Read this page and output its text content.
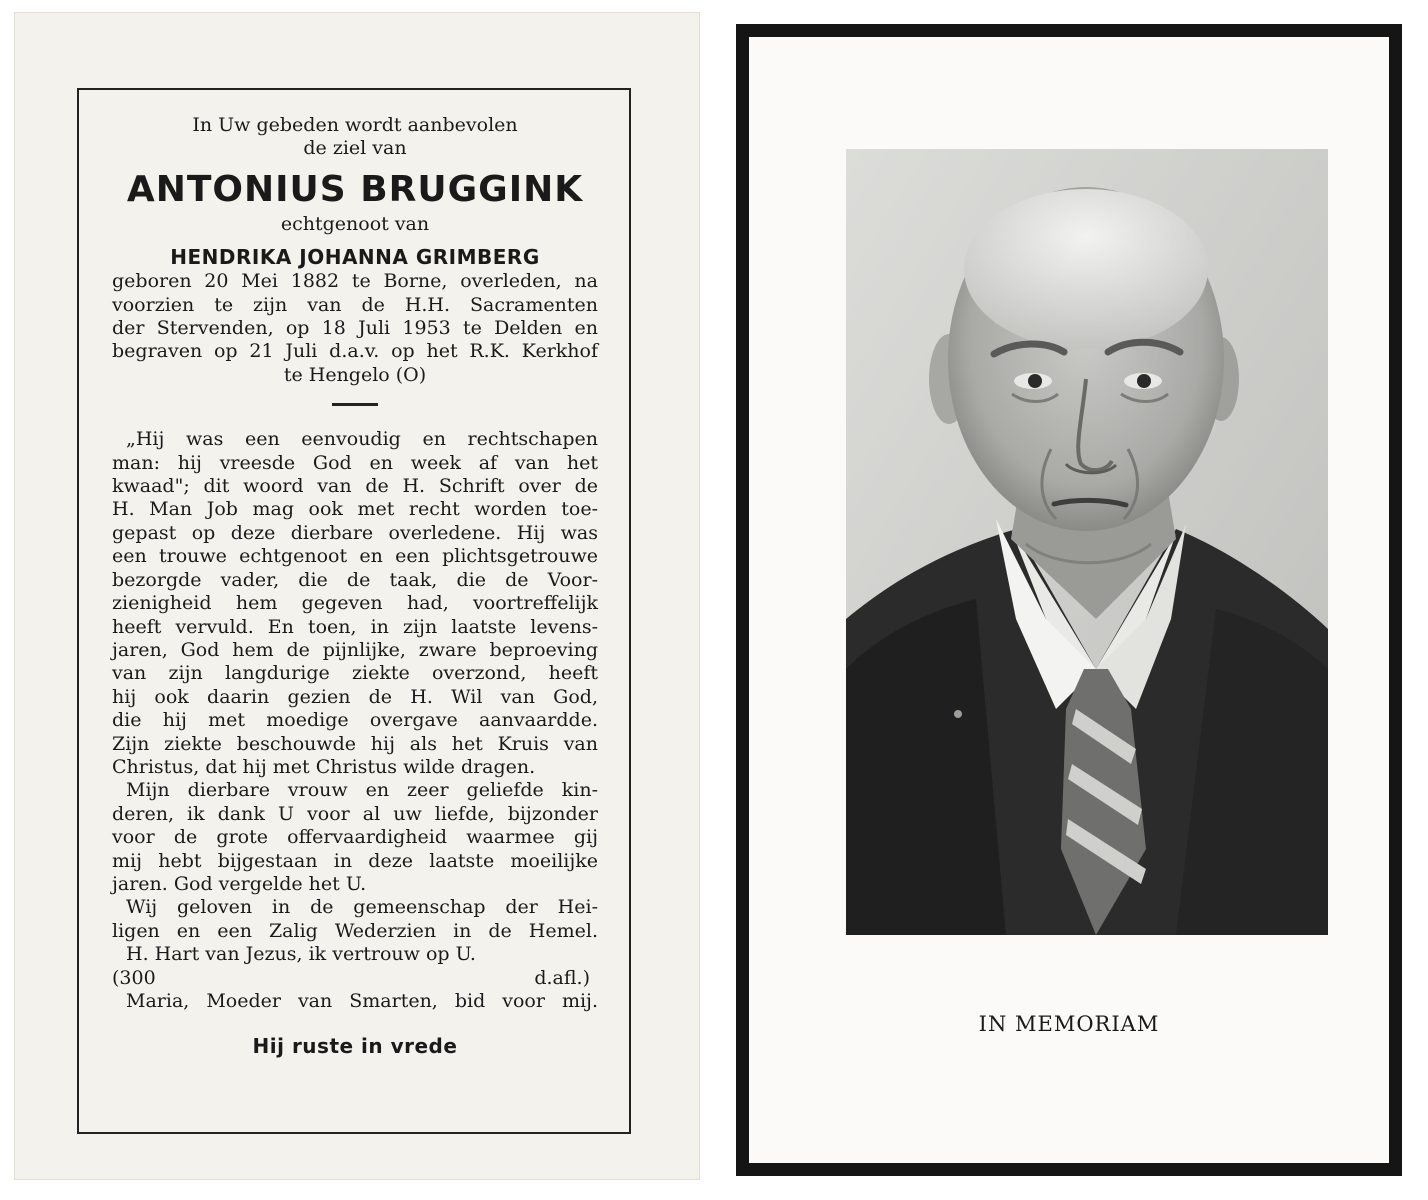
In Uw gebeden wordt aanbevolen
de ziel van
ANTONIUS BRUGGINK
echtgenoot van
HENDRIKA JOHANNA GRIMBERG
geboren 20 Mei 1882 te Borne, overleden, na
voorzien te zijn van de H.H. Sacramenten
der Stervenden, op 18 Juli 1953 te Delden en
begraven op 21 Juli d.a.v. op het R.K. Kerkhof
te Hengelo (O)
„Hij was een eenvoudig en rechtschapen
man: hij vreesde God en week af van het
kwaad"; dit woord van de H. Schrift over de
H. Man Job mag ook met recht worden toe-
gepast op deze dierbare overledene. Hij was
een trouwe echtgenoot en een plichtsgetrouwe
bezorgde vader, die de taak, die de Voor-
zienigheid hem gegeven had, voortreffelijk
heeft vervuld. En toen, in zijn laatste levens-
jaren, God hem de pijnlijke, zware beproeving
van zijn langdurige ziekte overzond, heeft
hij ook daarin gezien de H. Wil van God,
die hij met moedige overgave aanvaardde.
Zijn ziekte beschouwde hij als het Kruis van
Christus, dat hij met Christus wilde dragen.
Mijn dierbare vrouw en zeer geliefde kin-
deren, ik dank U voor al uw liefde, bijzonder
voor de grote offervaardigheid waarmee gij
mij hebt bijgestaan in deze laatste moeilijke
jaren. God vergelde het U.
Wij geloven in de gemeenschap der Hei-
ligen en een Zalig Wederzien in de Hemel.
H. Hart van Jezus, ik vertrouw op U.
(300 d.afl.)
Maria, Moeder van Smarten, bid voor mij.
Hij ruste in vrede
IN MEMORIAM
